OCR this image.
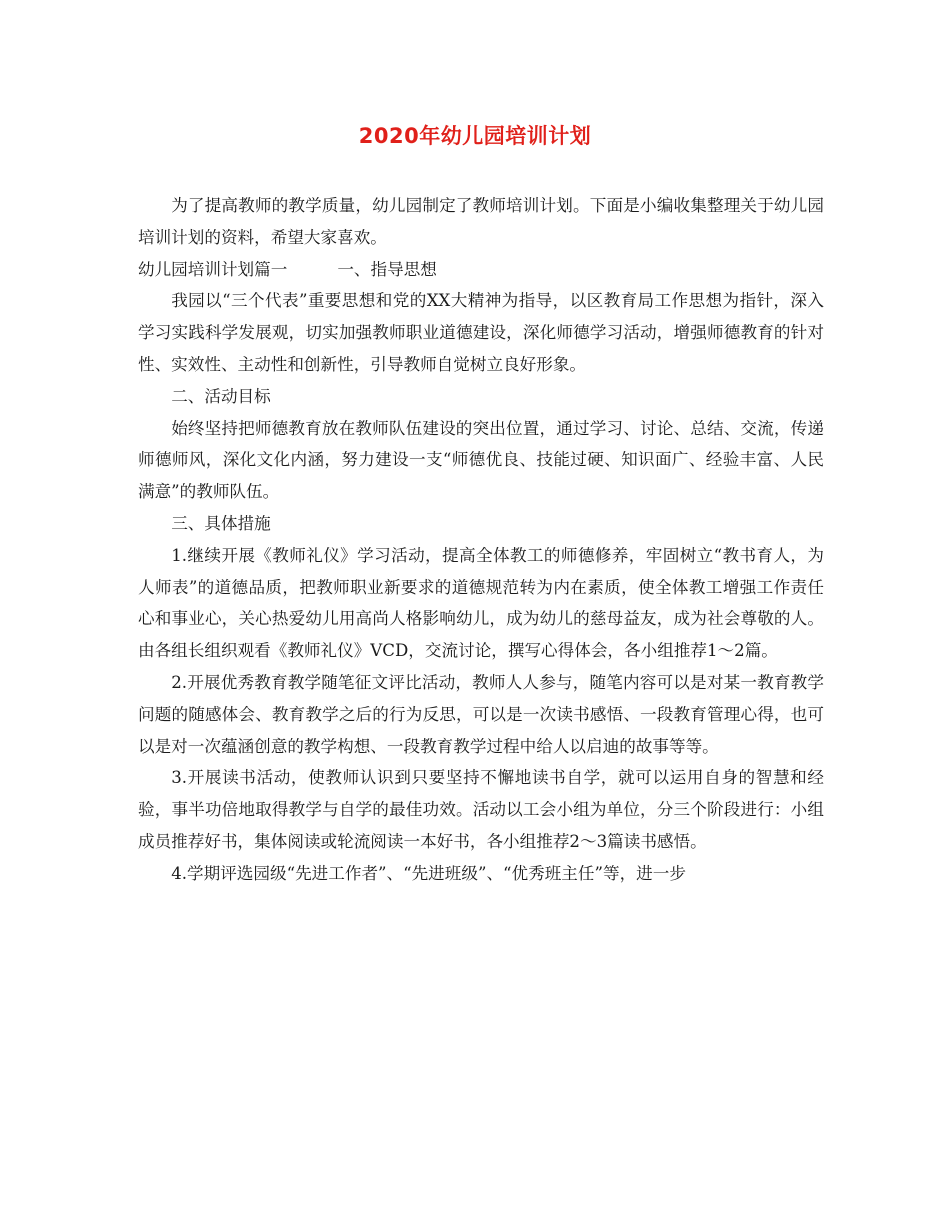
2020年幼儿园培训计划

为了提高教师的教学质量，幼儿园制定了教师培训计划。下面是小编收集整理关于幼儿园培训计划的资料，希望大家喜欢。

幼儿园培训计划篇一	一、指导思想

我园以“三个代表”重要思想和党的XX大精神为指导，以区教育局工作思想为指针，深入学习实践科学发展观，切实加强教师职业道德建设，深化师德学习活动，增强师德教育的针对性、实效性、主动性和创新性，引导教师自觉树立良好形象。

二、活动目标

始终坚持把师德教育放在教师队伍建设的突出位置，通过学习、讨论、总结、交流，传递师德师风，深化文化内涵，努力建设一支“师德优良、技能过硬、知识面广、经验丰富、人民满意”的教师队伍。

三、具体措施

1.继续开展《教师礼仪》学习活动，提高全体教工的师德修养，牢固树立“教书育人，为人师表”的道德品质，把教师职业新要求的道德规范转为内在素质，使全体教工增强工作责任心和事业心，关心热爱幼儿用高尚人格影响幼儿，成为幼儿的慈母益友，成为社会尊敬的人。由各组长组织观看《教师礼仪》VCD，交流讨论，撰写心得体会，各小组推荐1～2篇。

2.开展优秀教育教学随笔征文评比活动，教师人人参与，随笔内容可以是对某一教育教学问题的随感体会、教育教学之后的行为反思，可以是一次读书感悟、一段教育管理心得，也可以是对一次蕴涵创意的教学构想、一段教育教学过程中给人以启迪的故事等等。

3.开展读书活动，使教师认识到只要坚持不懈地读书自学，就可以运用自身的智慧和经验，事半功倍地取得教学与自学的最佳功效。活动以工会小组为单位，分三个阶段进行：小组成员推荐好书，集体阅读或轮流阅读一本好书，各小组推荐2～3篇读书感悟。

4.学期评选园级“先进工作者”、“先进班级”、“优秀班主任”等，进一步
